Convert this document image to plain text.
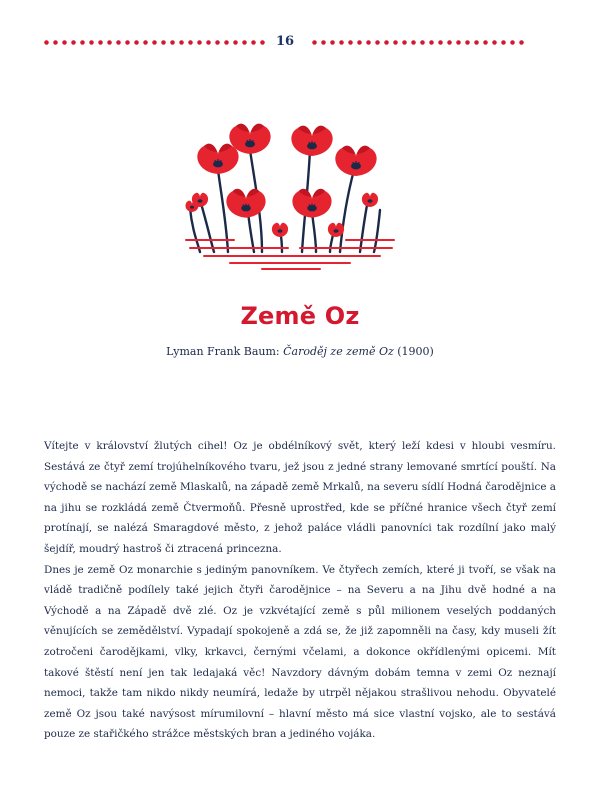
16
Země Oz
Lyman Frank Baum: Čaroděj ze země Oz (1900)

Vítejte v království žlutých cihel! Oz je obdélníkový svět, který leží kdesi v hloubi vesmíru. Sestává ze čtyř zemí trojúhelníkového tvaru, jež jsou z jedné strany lemované smrtící pouští. Na východě se nachází země Mlaskalů, na západě země Mrkalů, na severu sídlí Hodná čarodějnice a na jihu se rozkládá země Čtvermoňů. Přesně uprostřed, kde se příčné hranice všech čtyř zemí protínají, se nalézá Smaragdové město, z jehož paláce vládli panovníci tak rozdílní jako malý šejdíř, moudrý hastroš či ztracená princezna.

Dnes je země Oz monarchie s jediným panovníkem. Ve čtyřech zemích, které ji tvoří, se však na vládě tradičně podílely také jejich čtyři čarodějnice – na Severu a na Jihu dvě hodné a na Východě a na Západě dvě zlé. Oz je vzkvétající země s půl milionem veselých poddaných věnujících se zemědělství. Vypadají spokojeně a zdá se, že již zapomněli na časy, kdy museli žít zotročeni čarodějkami, vlky, krkavci, černými včelami, a dokonce okřídlenými opicemi. Mít takové štěstí není jen tak ledajaká věc! Navzdory dávným dobám temna v zemi Oz neznají nemoci, takže tam nikdo nikdy neumírá, ledaže by utrpěl nějakou strašlivou nehodu. Obyvatelé země Oz jsou také navýsost mírumilovní – hlavní město má sice vlastní vojsko, ale to sestává pouze ze stařičkého strážce městských bran a jediného vojáka.
